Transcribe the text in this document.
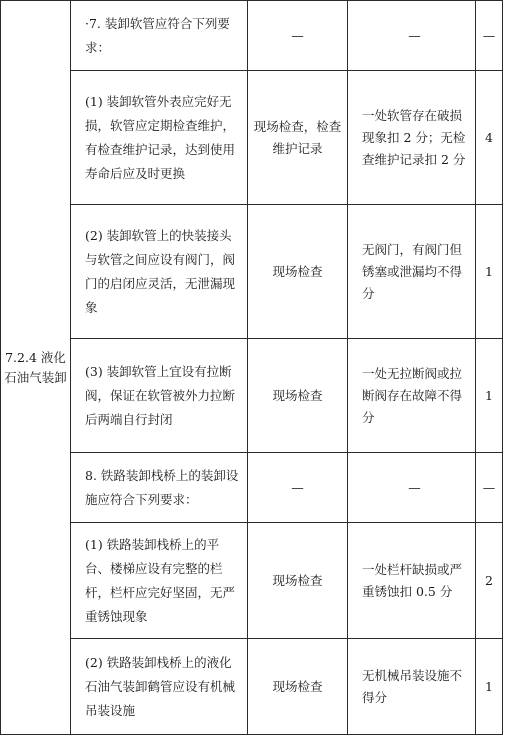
7.2.4 液化石油气装卸	·7. 装卸软管应符合下列要求：	—	—	—

	(1) 装卸软管外表应完好无损，软管应定期检查维护，有检查维护记录，达到使用寿命后应及时更换	现场检查，检查维护记录	一处软管存在破损现象扣 2 分；无检查维护记录扣 2 分	4

	(2) 装卸软管上的快装接头与软管之间应设有阀门，阀门的启闭应灵活，无泄漏现象	现场检查	无阀门，有阀门但锈塞或泄漏均不得分	1

	(3) 装卸软管上宜设有拉断阀，保证在软管被外力拉断后两端自行封闭	现场检查	一处无拉断阀或拉断阀存在故障不得分	1

	8. 铁路装卸栈桥上的装卸设施应符合下列要求：	—	—	—

	(1) 铁路装卸栈桥上的平台、楼梯应设有完整的栏杆，栏杆应完好坚固，无严重锈蚀现象	现场检查	一处栏杆缺损或严重锈蚀扣 0.5 分	2

	(2) 铁路装卸栈桥上的液化石油气装卸鹤管应设有机械吊装设施	现场检查	无机械吊装设施不得分	1
